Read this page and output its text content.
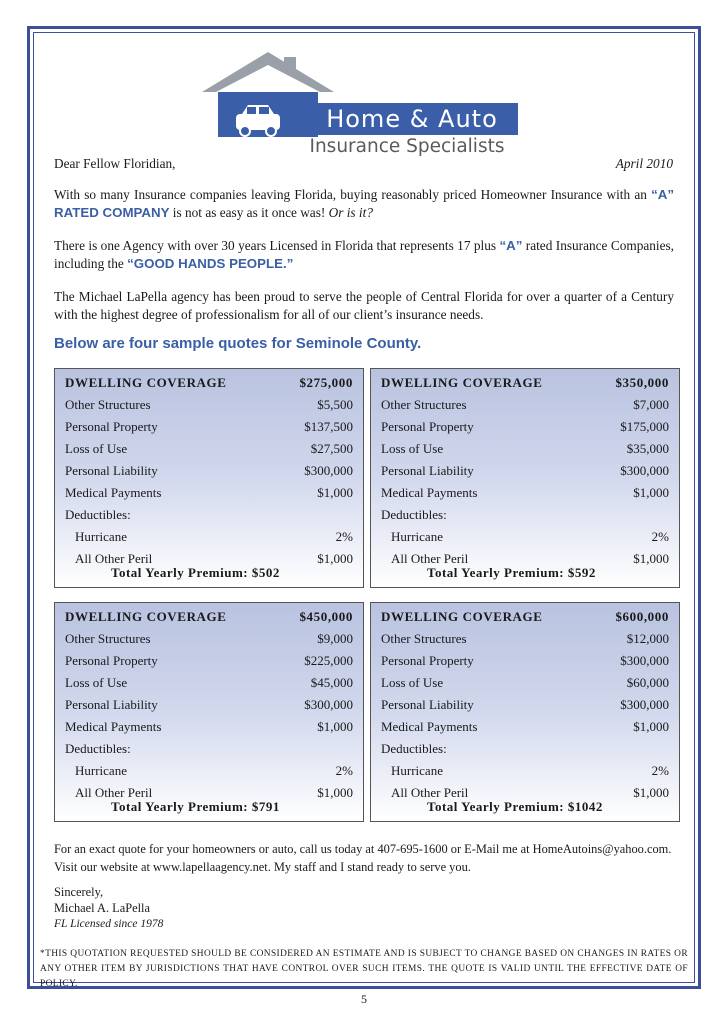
Home & Auto
Insurance Specialists
Dear Fellow Floridian,	April 2010
With so many Insurance companies leaving Florida, buying reasonably priced Homeowner Insurance with an “A” RATED COMPANY is not as easy as it once was! Or is it?
There is one Agency with over 30 years Licensed in Florida that represents 17 plus “A” rated Insurance Companies, including the “GOOD HANDS PEOPLE.”
The Michael LaPella agency has been proud to serve the people of Central Florida for over a quarter of a Century with the highest degree of professionalism for all of our client’s insurance needs.
Below are four sample quotes for Seminole County.
DWELLING COVERAGE	$275,000
Other Structures	$5,500
Personal Property	$137,500
Loss of Use	$27,500
Personal Liability	$300,000
Medical Payments	$1,000
Deductibles:
Hurricane	2%
All Other Peril	$1,000
Total Yearly Premium: $502
DWELLING COVERAGE	$350,000
Other Structures	$7,000
Personal Property	$175,000
Loss of Use	$35,000
Personal Liability	$300,000
Medical Payments	$1,000
Deductibles:
Hurricane	2%
All Other Peril	$1,000
Total Yearly Premium: $592
DWELLING COVERAGE	$450,000
Other Structures	$9,000
Personal Property	$225,000
Loss of Use	$45,000
Personal Liability	$300,000
Medical Payments	$1,000
Deductibles:
Hurricane	2%
All Other Peril	$1,000
Total Yearly Premium: $791
DWELLING COVERAGE	$600,000
Other Structures	$12,000
Personal Property	$300,000
Loss of Use	$60,000
Personal Liability	$300,000
Medical Payments	$1,000
Deductibles:
Hurricane	2%
All Other Peril	$1,000
Total Yearly Premium: $1042
For an exact quote for your homeowners or auto, call us today at 407-695-1600 or E-Mail me at HomeAutoins@yahoo.com.
Visit our website at www.lapellaagency.net. My staff and I stand ready to serve you.
Sincerely,
Michael A. LaPella
FL Licensed since 1978
*THIS QUOTATION REQUESTED SHOULD BE CONSIDERED AN ESTIMATE AND IS SUBJECT TO CHANGE BASED ON CHANGES IN RATES OR ANY OTHER ITEM BY JURISDICTIONS THAT HAVE CONTROL OVER SUCH ITEMS. THE QUOTE IS VALID UNTIL THE EFFECTIVE DATE OF POLICY.
5
